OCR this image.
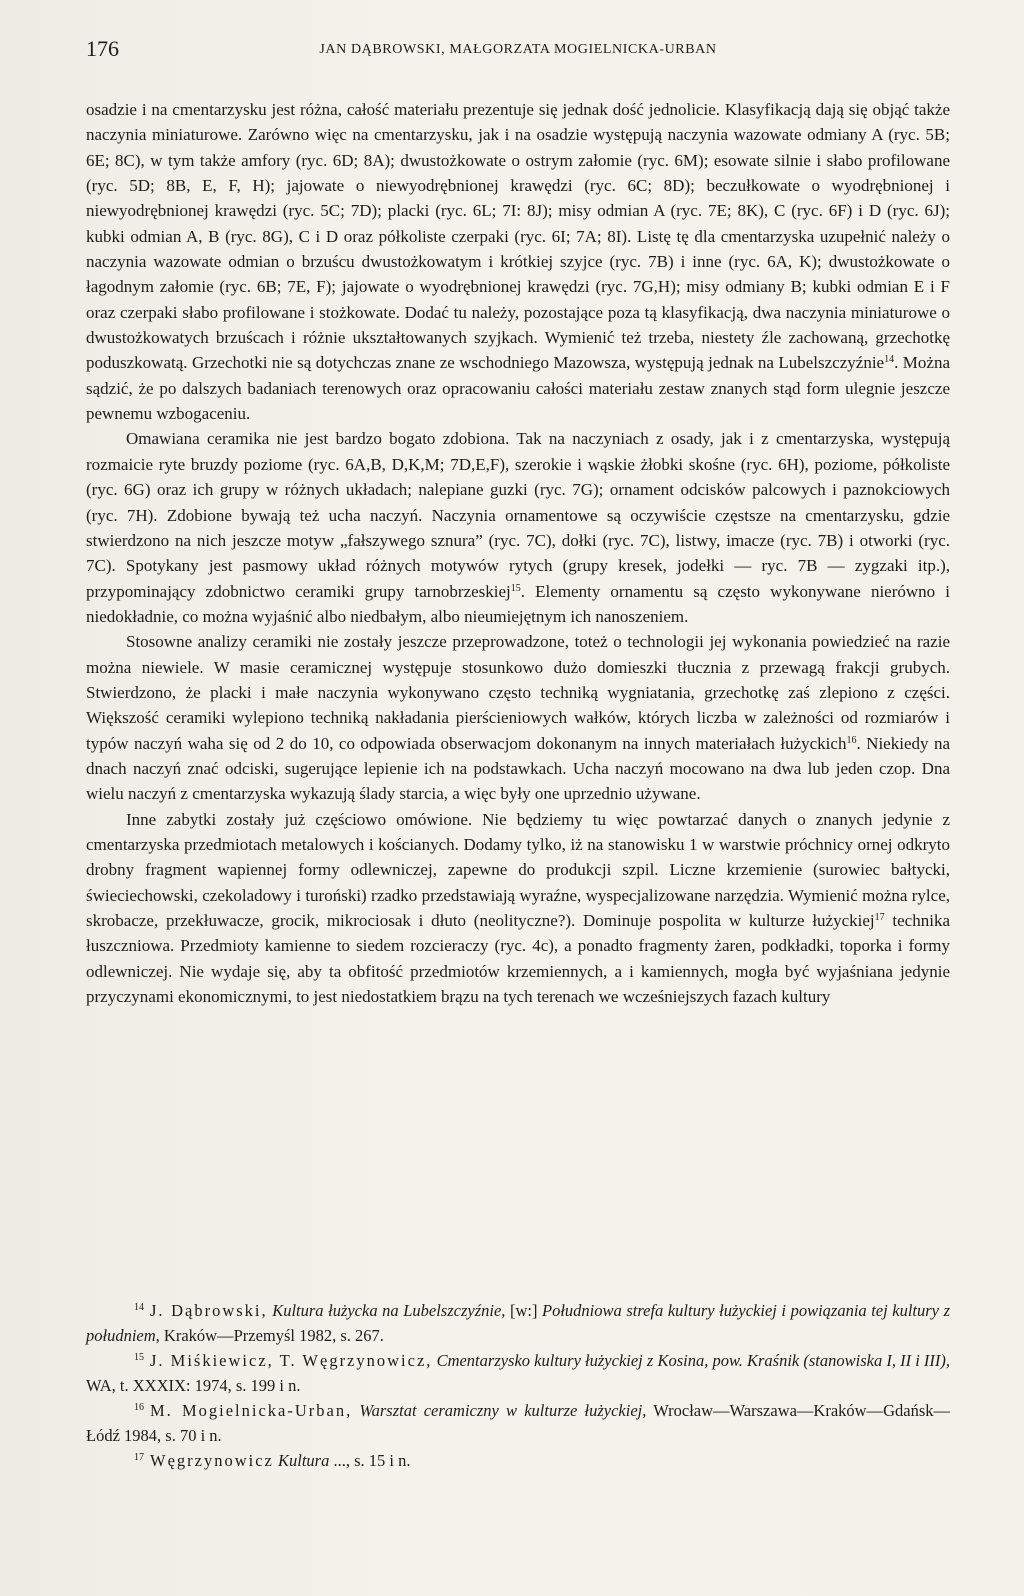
176	JAN DĄBROWSKI, MAŁGORZATA MOGIELNICKA-URBAN

osadzie i na cmentarzysku jest różna, całość materiału prezentuje się jednak dość jednolicie. Klasyfikacją dają się objąć także naczynia miniaturowe. Zarówno więc na cmentarzysku, jak i na osadzie występują naczynia wazowate odmiany A (ryc. 5B; 6E; 8C), w tym także amfory (ryc. 6D; 8A); dwustożkowate o ostrym załomie (ryc. 6M); esowate silnie i słabo profilowane (ryc. 5D; 8B, E, F, H); jajowate o niewyodrębnionej krawędzi (ryc. 6C; 8D); beczułkowate o wyodrębnionej i niewyodrębnionej krawędzi (ryc. 5C; 7D); placki (ryc. 6L; 7I: 8J); misy odmian A (ryc. 7E; 8K), C (ryc. 6F) i D (ryc. 6J); kubki odmian A, B (ryc. 8G), C i D oraz półkoliste czerpaki (ryc. 6I; 7A; 8I). Listę tę dla cmentarzyska uzupełnić należy o naczynia wazowate odmian o brzuścu dwustożkowatym i krótkiej szyjce (ryc. 7B) i inne (ryc. 6A, K); dwustożkowate o łagodnym załomie (ryc. 6B; 7E, F); jajowate o wyodrębnionej krawędzi (ryc. 7G,H); misy odmiany B; kubki odmian E i F oraz czerpaki słabo profilowane i stożkowate. Dodać tu należy, pozostające poza tą klasyfikacją, dwa naczynia miniaturowe o dwustożkowatych brzuścach i różnie ukształtowanych szyjkach. Wymienić też trzeba, niestety źle zachowaną, grzechotkę poduszkowatą. Grzechotki nie są dotychczas znane ze wschodniego Mazowsza, występują jednak na Lubelszczyźnie$^{14}$. Można sądzić, że po dalszych badaniach terenowych oraz opracowaniu całości materiału zestaw znanych stąd form ulegnie jeszcze pewnemu wzbogaceniu.

Omawiana ceramika nie jest bardzo bogato zdobiona. Tak na naczyniach z osady, jak i z cmentarzyska, występują rozmaicie ryte bruzdy poziome (ryc. 6A,B, D,K,M; 7D,E,F), szerokie i wąskie żłobki skośne (ryc. 6H), poziome, półkoliste (ryc. 6G) oraz ich grupy w różnych układach; nalepiane guzki (ryc. 7G); ornament odcisków palcowych i paznokciowych (ryc. 7H). Zdobione bywają też ucha naczyń. Naczynia ornamentowe są oczywiście częstsze na cmentarzysku, gdzie stwierdzono na nich jeszcze motyw „fałszywego sznura” (ryc. 7C), dołki (ryc. 7C), listwy, imacze (ryc. 7B) i otworki (ryc. 7C). Spotykany jest pasmowy układ różnych motywów rytych (grupy kresek, jodełki — ryc. 7B — zygzaki itp.), przypominający zdobnictwo ceramiki grupy tarnobrzeskiej$^{15}$. Elementy ornamentu są często wykonywane nierówno i niedokładnie, co można wyjaśnić albo niedbałym, albo nieumiejętnym ich nanoszeniem.

Stosowne analizy ceramiki nie zostały jeszcze przeprowadzone, toteż o technologii jej wykonania powiedzieć na razie można niewiele. W masie ceramicznej występuje stosunkowo dużo domieszki tłucznia z przewagą frakcji grubych. Stwierdzono, że placki i małe naczynia wykonywano często techniką wygniatania, grzechotkę zaś zlepiono z części. Większość ceramiki wylepiono techniką nakładania pierścieniowych wałków, których liczba w zależności od rozmiarów i typów naczyń waha się od 2 do 10, co odpowiada obserwacjom dokonanym na innych materiałach łużyckich$^{16}$. Niekiedy na dnach naczyń znać odciski, sugerujące lepienie ich na podstawkach. Ucha naczyń mocowano na dwa lub jeden czop. Dna wielu naczyń z cmentarzyska wykazują ślady starcia, a więc były one uprzednio używane.

Inne zabytki zostały już częściowo omówione. Nie będziemy tu więc powtarzać danych o znanych jedynie z cmentarzyska przedmiotach metalowych i kościanych. Dodamy tylko, iż na stanowisku 1 w warstwie próchnicy ornej odkryto drobny fragment wapiennej formy odlewniczej, zapewne do produkcji szpil. Liczne krzemienie (surowiec bałtycki, świeciechowski, czekoladowy i turoński) rzadko przedstawiają wyraźne, wyspecjalizowane narzędzia. Wymienić można rylce, skrobacze, przekłuwacze, grocik, mikrociosak i dłuto (neolityczne?). Dominuje pospolita w kulturze łużyckiej$^{17}$ technika łuszczniowa. Przedmioty kamienne to siedem rozcieraczy (ryc. 4c), a ponadto fragmenty żaren, podkładki, toporka i formy odlewniczej. Nie wydaje się, aby ta obfitość przedmiotów krzemiennych, a i kamiennych, mogła być wyjaśniana jedynie przyczynami ekonomicznymi, to jest niedostatkiem brązu na tych terenach we wcześniejszych fazach kultury

$^{14}$ J. Dąbrowski, Kultura łużycka na Lubelszczyźnie, [w:] Południowa strefa kultury łużyckiej i powiązania tej kultury z południem, Kraków—Przemyśl 1982, s. 267.

$^{15}$ J. Miśkiewicz, T. Węgrzynowicz, Cmentarzysko kultury łużyckiej z Kosina, pow. Kraśnik (stanowiska I, II i III), WA, t. XXXIX: 1974, s. 199 i n.

$^{16}$ M. Mogielnicka-Urban, Warsztat ceramiczny w kulturze łużyckiej, Wrocław—Warszawa—Kraków—Gdańsk—Łódź 1984, s. 70 i n.

$^{17}$ Węgrzynowicz Kultura ..., s. 15 i n.
